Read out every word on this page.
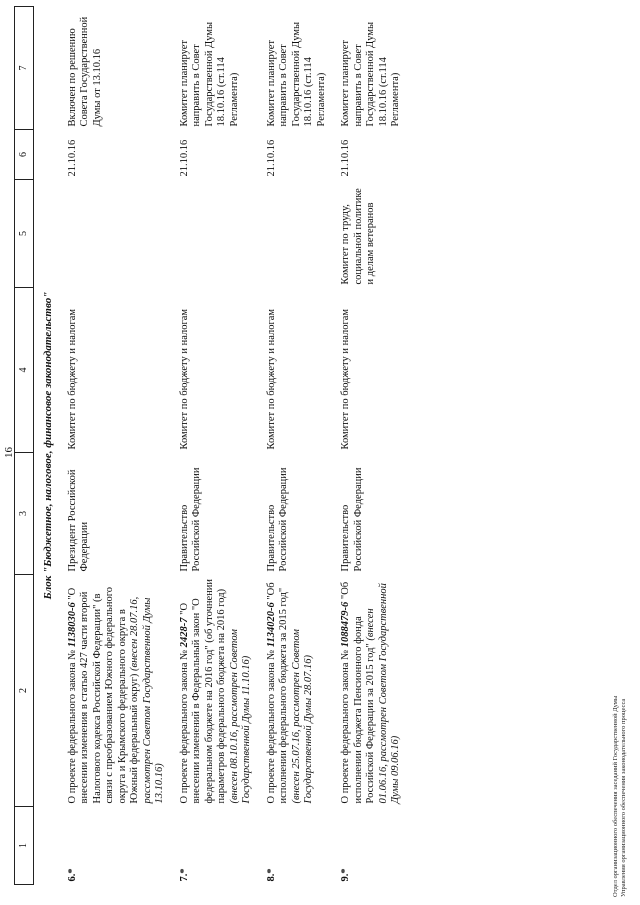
16
1	2	3	4	5	6	7
Блок "Бюджетное, налоговое, финансовое законодательство"						
6.*	О проекте федерального закона № 1138030-6 "О внесении изменения в статью 427 части второй Налогового кодекса Российской Федерации" (в связи с преобразованием Южного федерального округа и Крымского федерального округа в Южный федеральный округ) (внесен 28.07.16, рассмотрен Советом Государственной Думы 13.10.16)	Президент Российской Федерации	Комитет по бюджету и налогам		21.10.16	Включен по решению Совета Государственной Думы от 13.10.16
7.*	О проекте федерального закона № 2428-7 "О внесении изменений в Федеральный закон "О федеральном бюджете на 2016 год" (об уточнении параметров федерального бюджета на 2016 год) (внесен 08.10.16, рассмотрен Советом Государственной Думы 11.10.16)	Правительство Российской Федерации	Комитет по бюджету и налогам		21.10.16	Комитет планирует направить в Совет Государственной Думы 18.10.16 (ст.114 Регламента)
8.*	О проекте федерального закона № 1134020-6 "Об исполнении федерального бюджета за 2015 год" (внесен 25.07.16, рассмотрен Советом Государственной Думы 28.07.16)	Правительство Российской Федерации	Комитет по бюджету и налогам		21.10.16	Комитет планирует направить в Совет Государственной Думы 18.10.16 (ст.114 Регламента)
9.*	О проекте федерального закона № 1088479-6 "Об исполнении бюджета Пенсионного фонда Российской Федерации за 2015 год" (внесен 01.06.16, рассмотрен Советом Государственной Думы 09.06.16)	Правительство Российской Федерации	Комитет по бюджету и налогам	Комитет по труду, социальной политике и делам ветеранов	21.10.16	Комитет планирует направить в Совет Государственной Думы 18.10.16 (ст.114 Регламента)
Отдел организационного обеспечения заседаний Государственной Думы Управления организационного обеспечения законодательного процесса
